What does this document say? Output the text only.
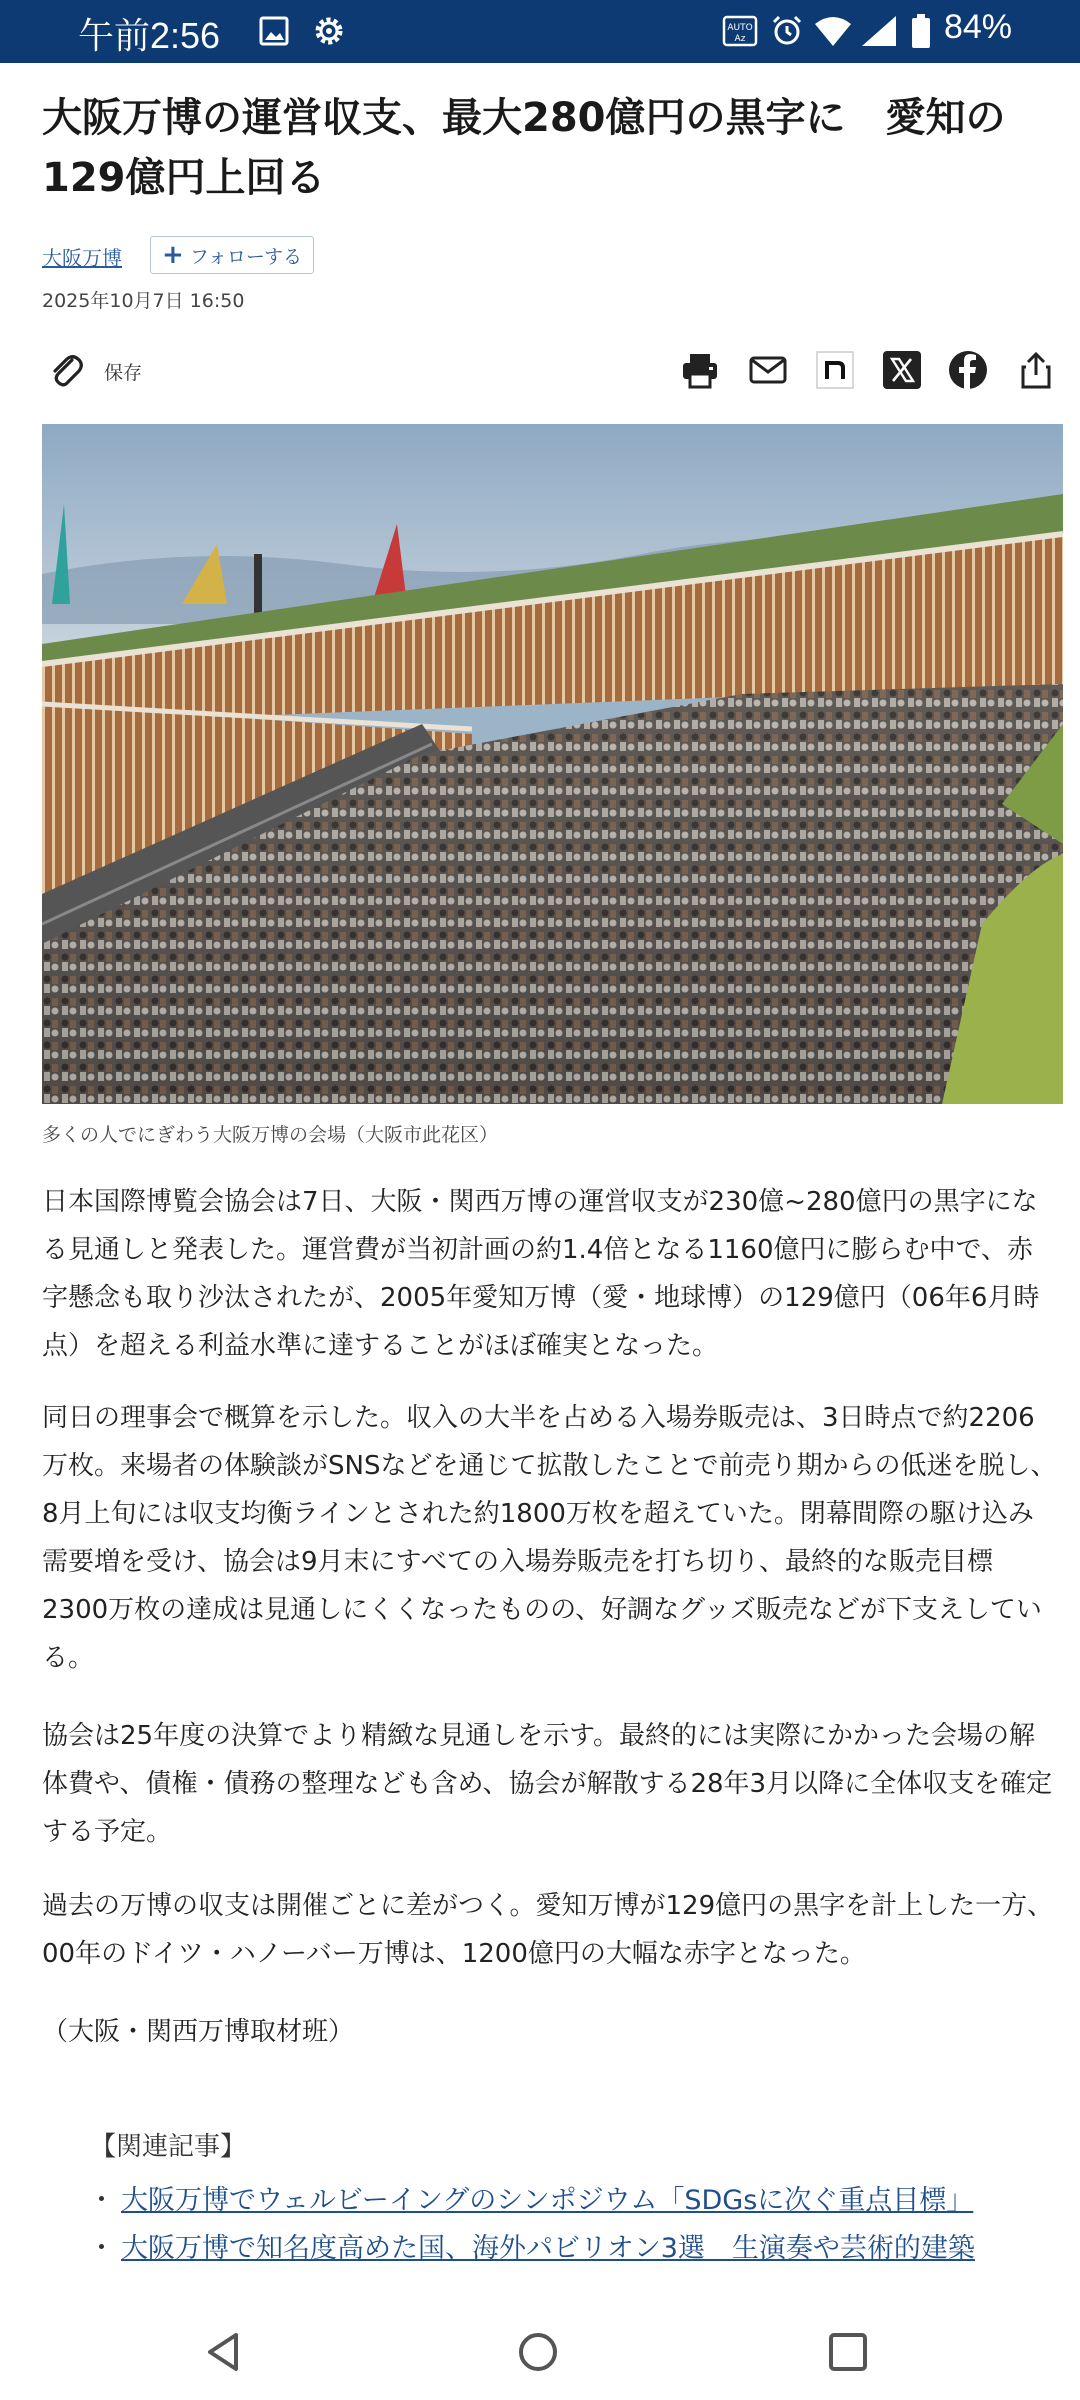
午前2:56	AUTO
Az	84%
大阪万博の運営収支、最大280億円の黒字に　愛知の129億円上回る
大阪万博 + フォローする
2025年10月7日 16:50
保存
多くの人でにぎわう大阪万博の会場（大阪市此花区）

日本国際博覧会協会は7日、大阪・関西万博の運営収支が230億~280億円の黒字になる見通しと発表した。運営費が当初計画の約1.4倍となる1160億円に膨らむ中で、赤字懸念も取り沙汰されたが、2005年愛知万博（愛・地球博）の129億円（06年6月時点）を超える利益水準に達することがほぼ確実となった。

同日の理事会で概算を示した。収入の大半を占める入場券販売は、3日時点で約2206万枚。来場者の体験談がSNSなどを通じて拡散したことで前売り期からの低迷を脱し、8月上旬には収支均衡ラインとされた約1800万枚を超えていた。閉幕間際の駆け込み需要増を受け、協会は9月末にすべての入場券販売を打ち切り、最終的な販売目標2300万枚の達成は見通しにくくなったものの、好調なグッズ販売などが下支えしている。

協会は25年度の決算でより精緻な見通しを示す。最終的には実際にかかった会場の解体費や、債権・債務の整理なども含め、協会が解散する28年3月以降に全体収支を確定する予定。

過去の万博の収支は開催ごとに差がつく。愛知万博が129億円の黒字を計上した一方、00年のドイツ・ハノーバー万博は、1200億円の大幅な赤字となった。

（大阪・関西万博取材班）

【関連記事】
・ 大阪万博でウェルビーイングのシンポジウム「SDGsに次ぐ重点目標」
・ 大阪万博で知名度高めた国、海外パビリオン3選　生演奏や芸術的建築
